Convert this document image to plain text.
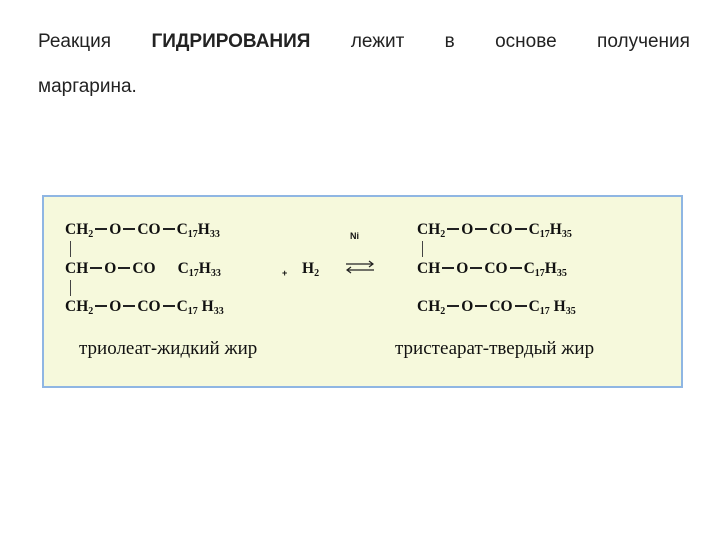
Реакция ГИДРИРОВАНИЯ лежит в основе получения
маргарина.
$CH_2$ O CO $C_{17}H_{33}$
CH O CO $C_{17}H_{33}$
$CH_2$ O CO $C_{17}$ $H_{33}$
+ $H_2$
Ni	$CH_2$ O CO $C_{17}H_{35}$
CH O CO $C_{17}H_{35}$
$CH_2$ O CO $C_{17}$ $H_{35}$
триолеат-жидкий жир	тристеарат-твердый жир
